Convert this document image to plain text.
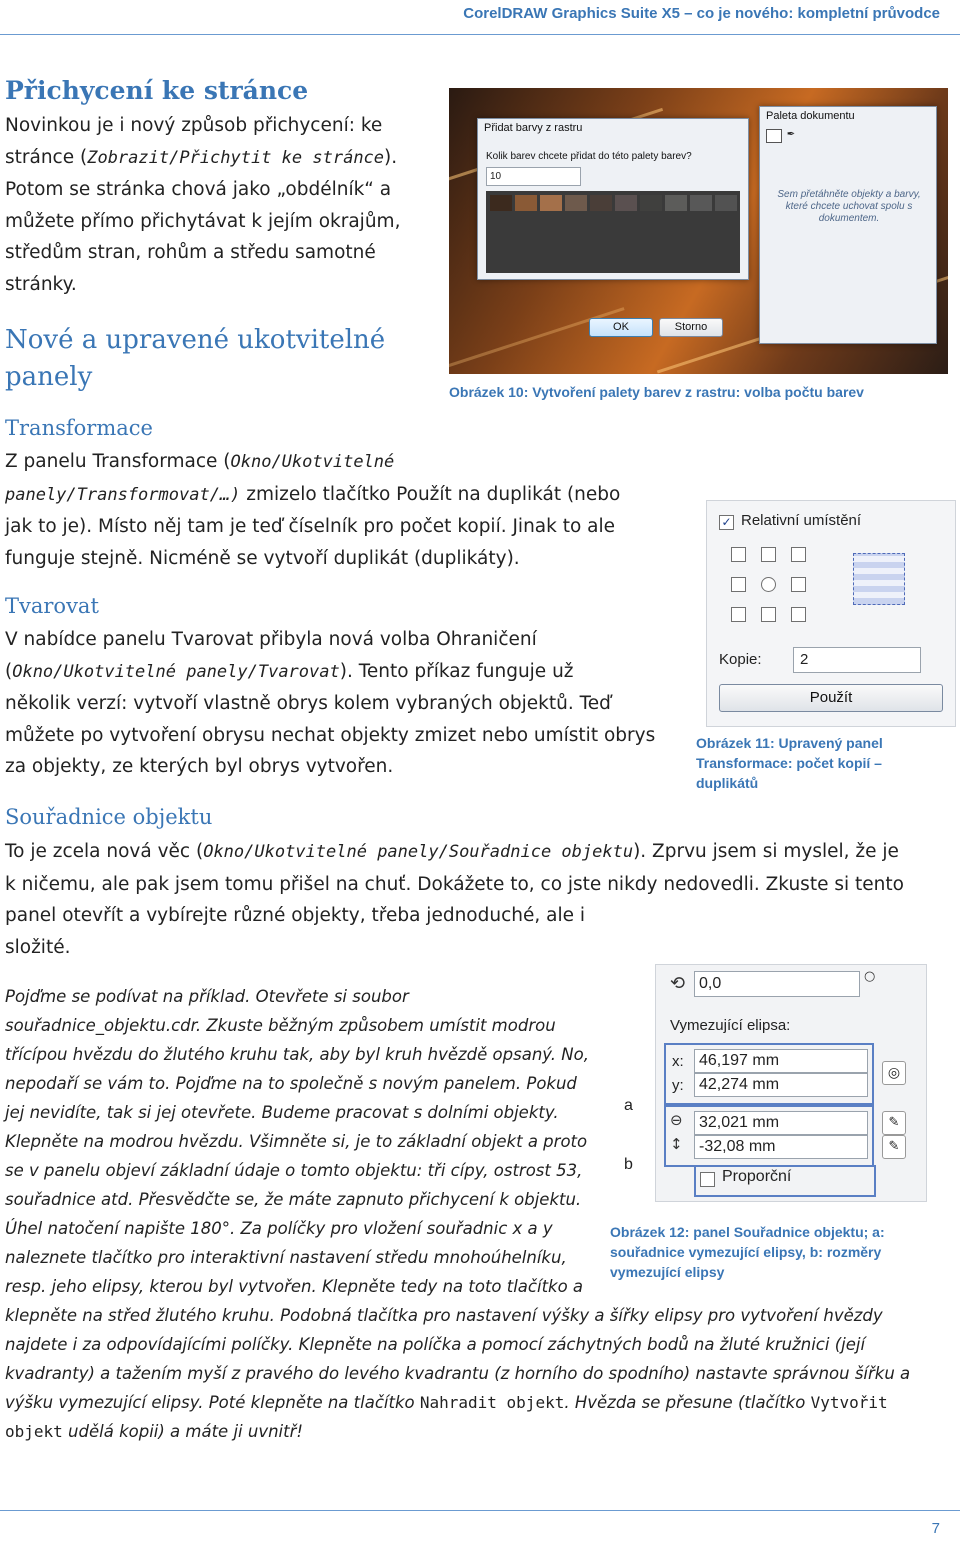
CorelDRAW Graphics Suite X5 – co je nového: kompletní průvodce
Přichycení ke stránce
Novinkou je i nový způsob přichycení: ke
stránce (Zobrazit/Přichytit ke stránce).
Potom se stránka chová jako „obdélník“ a
můžete přímo přichytávat k jejím okrajům,
středům stran, rohům a středu samotné
stránky.
Nové a upravené ukotvitelné
panely
Přidat barvy z rastru
Kolik barev chcete přidat do této palety barev?
10
Paleta dokumentu
✒
Sem přetáhněte objekty a barvy, které chcete uchovat spolu s dokumentem.
OK	Storno
Obrázek 10: Vytvoření palety barev z rastru: volba počtu barev
Transformace
Z panelu Transformace (Okno/Ukotvitelné
panely/Transformovat/…) zmizelo tlačítko Použít na duplikát (nebo
jak to je). Místo něj tam je teď číselník pro počet kopií. Jinak to ale
funguje stejně. Nicméně se vytvoří duplikát (duplikáty).
✓ Relativní umístění
Kopie:	2
Použít
Obrázek 11: Upravený panel
Transformace: počet kopií –
duplikátů
Tvarovat
V nabídce panelu Tvarovat přibyla nová volba Ohraničení
(Okno/Ukotvitelné panely/Tvarovat). Tento příkaz funguje už
několik verzí: vytvoří vlastně obrys kolem vybraných objektů. Teď
můžete po vytvoření obrysu nechat objekty zmizet nebo umístit obrys
za objekty, ze kterých byl obrys vytvořen.
Souřadnice objektu
To je zcela nová věc (Okno/Ukotvitelné panely/Souřadnice objektu). Zprvu jsem si myslel, že je
k ničemu, ale pak jsem tomu přišel na chuť. Dokážete to, co jste nikdy nedovedli. Zkuste si tento
panel otevřít a vybírejte různé objekty, třeba jednoduché, ale i
složité.
Pojďme se podívat na příklad. Otevřete si soubor
souřadnice_objektu.cdr. Zkuste běžným způsobem umístit modrou
třícípou hvězdu do žlutého kruhu tak, aby byl kruh hvězdě opsaný. No,
nepodaří se vám to. Pojďme na to společně s novým panelem. Pokud
jej nevidíte, tak si jej otevřete. Budeme pracovat s dolními objekty.
Klepněte na modrou hvězdu. Všimněte si, je to základní objekt a proto
se v panelu objeví základní údaje o tomto objektu: tři cípy, ostrost 53,
souřadnice atd. Přesvědčte se, že máte zapnuto přichycení k objektu.
Úhel natočení napište 180°. Za políčky pro vložení souřadnic x a y
naleznete tlačítko pro interaktivní nastavení středu mnohoúhelníku,
resp. jeho elipsy, kterou byl vytvořen. Klepněte tedy na toto tlačítko a
klepněte na střed žlutého kruhu. Podobná tlačítka pro nastavení výšky a šířky elipsy pro vytvoření hvězdy
najdete i za odpovídajícími políčky. Klepněte na políčka a pomocí záchytných bodů na žluté kružnici (její
kvadranty) a tažením myší z pravého do levého kvadrantu (z horního do spodního) nastavte správnou šířku a
výšku vymezující elipsy. Poté klepněte na tlačítko Nahradit objekt. Hvězda se přesune (tlačítko Vytvořit
objekt udělá kopii) a máte ji uvnitř!
a
b
⟲ 0,0	○
Vymezující elipsa:
x: 46,197 mm
y: 42,274 mm
◎
⊖	32,021 mm
↕	-32,08 mm
✎
✎
Proporční
Obrázek 12: panel Souřadnice objektu; a:
souřadnice vymezující elipsy, b: rozměry
vymezující elipsy
7
